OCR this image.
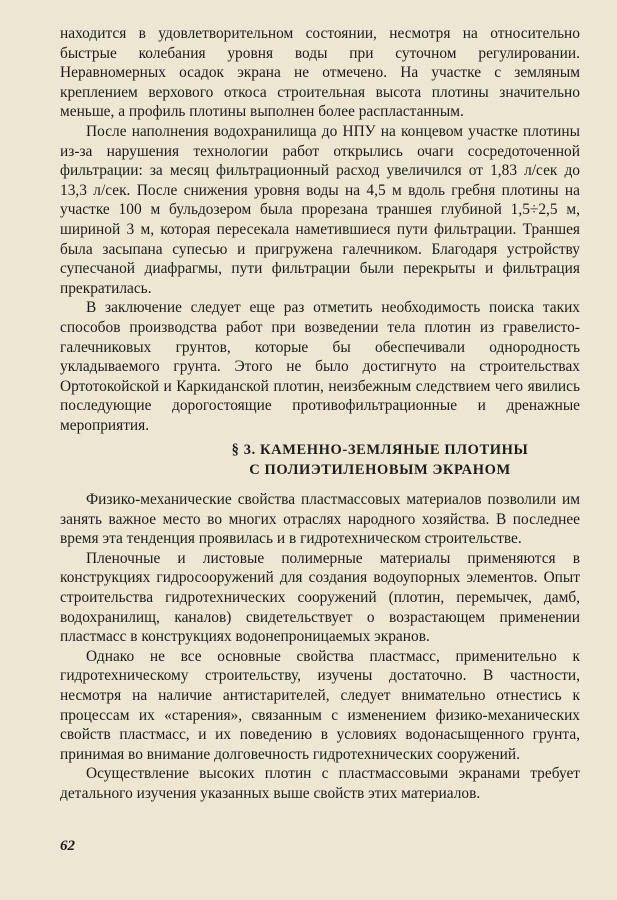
находится в удовлетворительном состоянии, несмотря на относительно быстрые колебания уровня воды при суточном регулировании. Неравномерных осадок экрана не отмечено. На участке с земляным креплением верхового откоса строительная высота плотины значительно меньше, а профиль плотины выполнен более распластанным.

После наполнения водохранилища до НПУ на концевом участке плотины из-за нарушения технологии работ открылись очаги сосредоточенной фильтрации: за месяц фильтрационный расход увеличился от 1,83 л/сек до 13,3 л/сек. После снижения уровня воды на 4,5 м вдоль гребня плотины на участке 100 м бульдозером была прорезана траншея глубиной 1,5÷2,5 м, шириной 3 м, которая пересекала наметившиеся пути фильтрации. Траншея была засыпана супесью и пригружена галечником. Благодаря устройству супесчаной диафрагмы, пути фильтрации были перекрыты и фильтрация прекратилась.

В заключение следует еще раз отметить необходимость поиска таких способов производства работ при возведении тела плотин из гравелисто-галечниковых грунтов, которые бы обеспечивали однородность укладываемого грунта. Этого не было достигнуто на строительствах Ортотокойской и Каркиданской плотин, неизбежным следствием чего явились последующие дорогостоящие противофильтрационные и дренажные мероприятия.

§ 3. КАМЕННО-ЗЕМЛЯНЫЕ ПЛОТИНЫ
С ПОЛИЭТИЛЕНОВЫМ ЭКРАНОМ

Физико-механические свойства пластмассовых материалов позволили им занять важное место во многих отраслях народного хозяйства. В последнее время эта тенденция проявилась и в гидротехническом строительстве.

Пленочные и листовые полимерные материалы применяются в конструкциях гидросооружений для создания водоупорных элементов. Опыт строительства гидротехнических сооружений (плотин, перемычек, дамб, водохранилищ, каналов) свидетельствует о возрастающем применении пластмасс в конструкциях водонепроницаемых экранов.

Однако не все основные свойства пластмасс, применительно к гидротехническому строительству, изучены достаточно. В частности, несмотря на наличие антистарителей, следует внимательно отнестись к процессам их «старения», связанным с изменением физико-механических свойств пластмасс, и их поведению в условиях водонасыщенного грунта, принимая во внимание долговечность гидротехнических сооружений.

Осуществление высоких плотин с пластмассовыми экранами требует детального изучения указанных выше свойств этих материалов.

62
